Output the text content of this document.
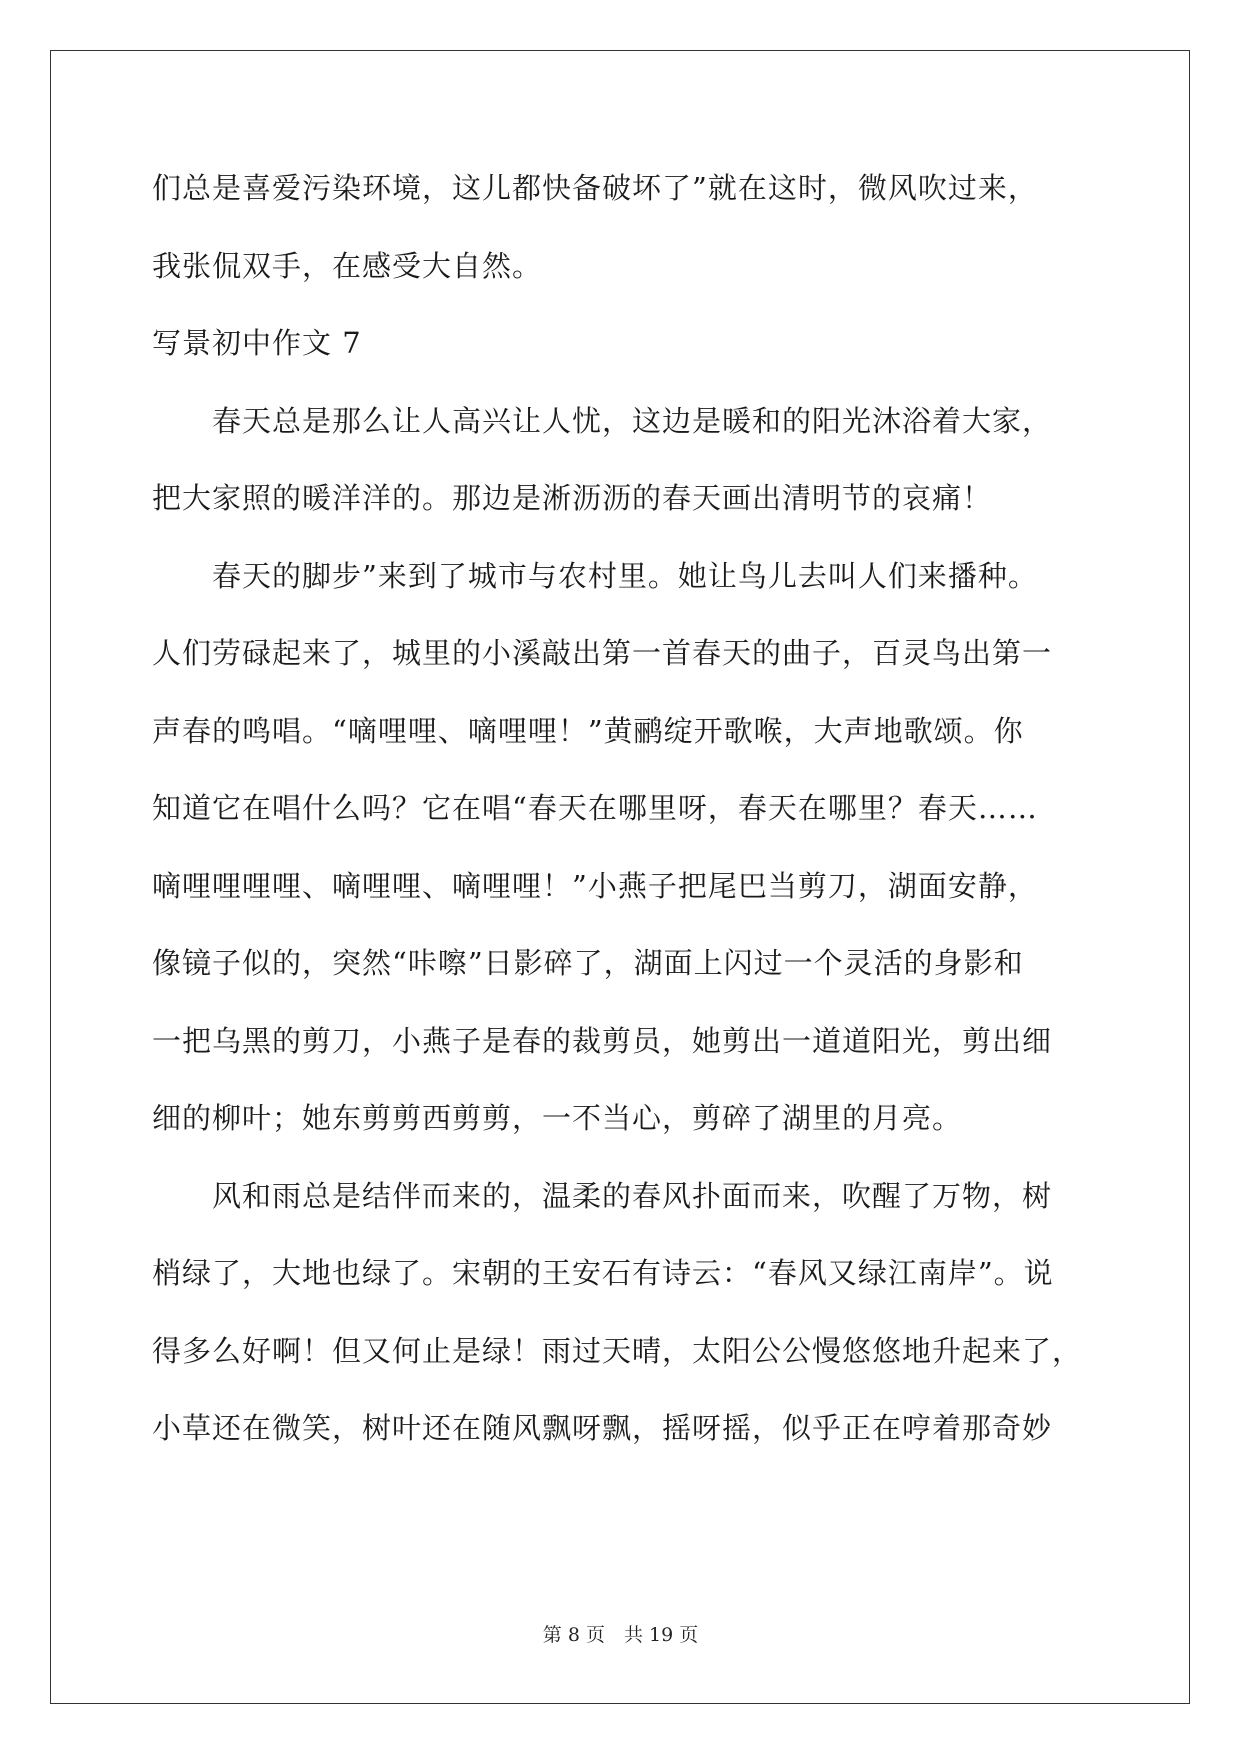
们总是喜爱污染环境，这儿都快备破坏了”就在这时，微风吹过来，
我张侃双手，在感受大自然。
写景初中作文 7
　　春天总是那么让人高兴让人忧，这边是暖和的阳光沐浴着大家，
把大家照的暖洋洋的。那边是淅沥沥的春天画出清明节的哀痛！
　　春天的脚步”来到了城市与农村里。她让鸟儿去叫人们来播种。
人们劳碌起来了，城里的小溪敲出第一首春天的曲子，百灵鸟出第一
声春的鸣唱。“嘀哩哩、嘀哩哩！”黄鹂绽开歌喉，大声地歌颂。你
知道它在唱什么吗？它在唱“春天在哪里呀，春天在哪里？春天……
嘀哩哩哩哩、嘀哩哩、嘀哩哩！”小燕子把尾巴当剪刀，湖面安静，
像镜子似的，突然“咔嚓”日影碎了，湖面上闪过一个灵活的身影和
一把乌黑的剪刀，小燕子是春的裁剪员，她剪出一道道阳光，剪出细
细的柳叶；她东剪剪西剪剪，一不当心，剪碎了湖里的月亮。
　　风和雨总是结伴而来的，温柔的春风扑面而来，吹醒了万物，树
梢绿了，大地也绿了。宋朝的王安石有诗云：“春风又绿江南岸”。说
得多么好啊！但又何止是绿！雨过天晴，太阳公公慢悠悠地升起来了，
小草还在微笑，树叶还在随风飘呀飘，摇呀摇，似乎正在哼着那奇妙
第 8 页　共 19 页
